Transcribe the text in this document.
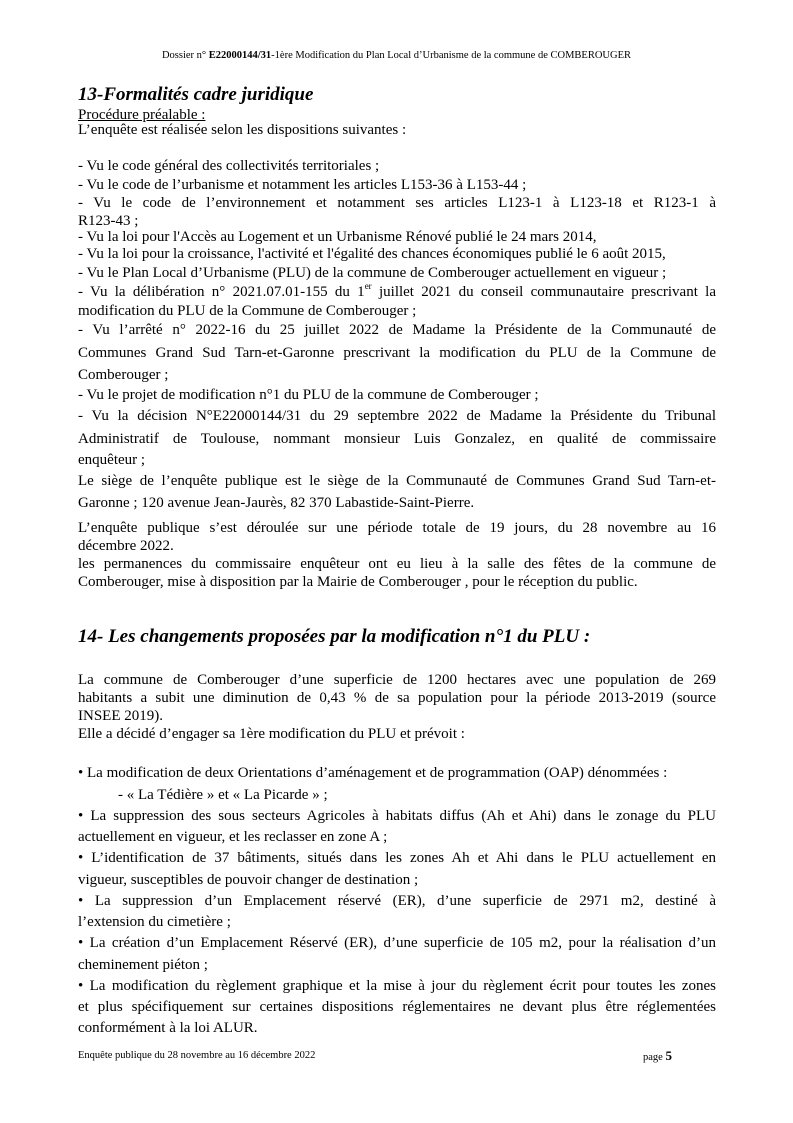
Dossier n° E22000144/31-1ère Modification du Plan Local d’Urbanisme de la commune de COMBEROUGER
13-Formalités cadre juridique
Procédure préalable :
L’enquête est réalisée selon les dispositions suivantes :
- Vu le code général des collectivités territoriales ;
- Vu le code de l’urbanisme et notamment les articles L153-36 à L153-44 ;
- Vu le code de l’environnement et notamment ses articles L123-1 à L123-18 et R123-1 à
R123-43 ;
- Vu la loi pour l'Accès au Logement et un Urbanisme Rénové publié le 24 mars 2014,
- Vu la loi pour la croissance, l'activité et l'égalité des chances économiques publié le 6 août 2015,
- Vu le Plan Local d’Urbanisme (PLU) de la commune de Comberouger actuellement en vigueur ;
- Vu la délibération n° 2021.07.01-155 du 1er juillet 2021 du conseil communautaire prescrivant la
modification du PLU de la Commune de Comberouger ;
- Vu l’arrêté n° 2022-16 du 25 juillet 2022 de Madame la Présidente de la Communauté de
Communes Grand Sud Tarn-et-Garonne prescrivant la modification du PLU de la Commune de
Comberouger ;
- Vu le projet de modification n°1 du PLU de la commune de Comberouger ;
- Vu la décision N°E22000144/31 du 29 septembre 2022 de Madame la Présidente du Tribunal
Administratif de Toulouse, nommant monsieur Luis Gonzalez, en qualité de commissaire
enquêteur ;
Le siège de l’enquête publique est le siège de la Communauté de Communes Grand Sud Tarn-et-
Garonne ; 120 avenue Jean-Jaurès, 82 370 Labastide-Saint-Pierre.
L’enquête publique s’est déroulée sur une période totale de 19 jours, du 28 novembre au 16
décembre 2022.
les permanences du commissaire enquêteur ont eu lieu à la salle des fêtes de la commune de
Comberouger, mise à disposition par la Mairie de Comberouger , pour le réception du public.
14- Les changements proposées par la modification n°1 du PLU :
La commune de Comberouger d’une superficie de 1200 hectares avec une population de 269
habitants a subit une diminution de 0,43 % de sa population pour la période 2013-2019 (source
INSEE 2019).
Elle a décidé d’engager sa 1ère modification du PLU et prévoit :
• La modification de deux Orientations d’aménagement et de programmation (OAP) dénommées :
- « La Tédière » et « La Picarde » ;
• La suppression des sous secteurs Agricoles à habitats diffus (Ah et Ahi) dans le zonage du PLU
actuellement en vigueur, et les reclasser en zone A ;
• L’identification de 37 bâtiments, situés dans les zones Ah et Ahi dans le PLU actuellement en
vigueur, susceptibles de pouvoir changer de destination ;
• La suppression d’un Emplacement réservé (ER), d’une superficie de 2971 m2, destiné à
l’extension du cimetière ;
• La création d’un Emplacement Réservé (ER), d’une superficie de 105 m2, pour la réalisation d’un
cheminement piéton ;
• La modification du règlement graphique et la mise à jour du règlement écrit pour toutes les zones
et plus spécifiquement sur certaines dispositions réglementaires ne devant plus être réglementées
conformément à la loi ALUR.
Enquête publique du 28 novembre au 16 décembre 2022	page 5
